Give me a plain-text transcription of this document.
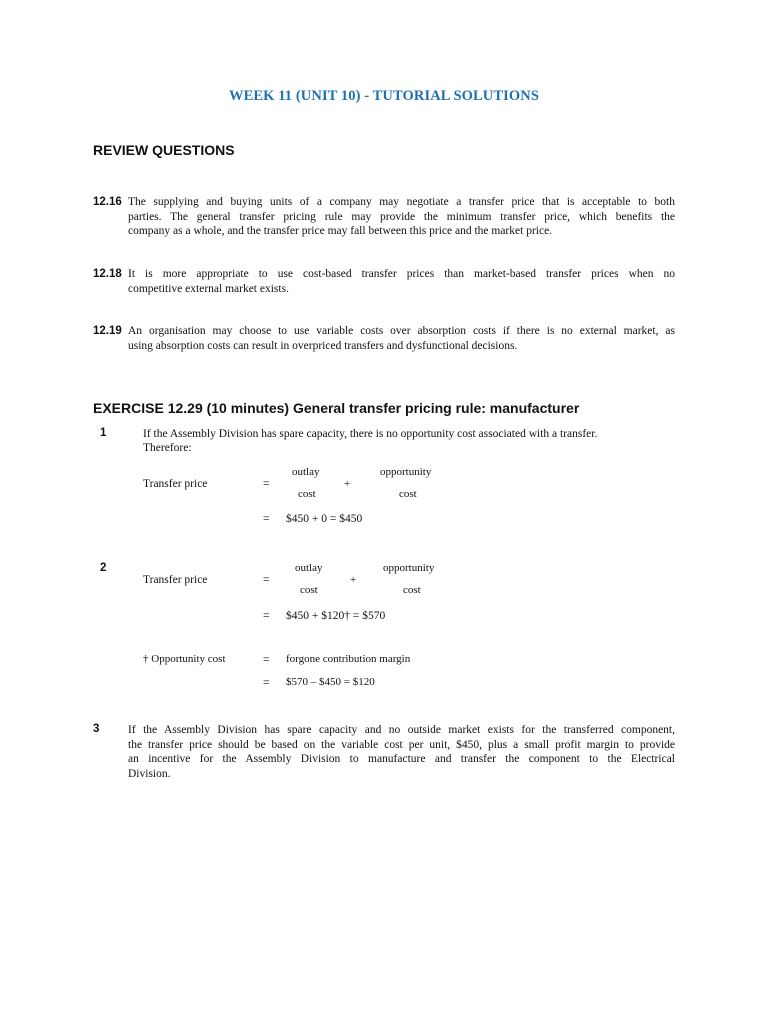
WEEK 11 (UNIT 10) - TUTORIAL SOLUTIONS
REVIEW QUESTIONS
12.16 The supplying and buying units of a company may negotiate a transfer price that is acceptable to both
parties. The general transfer pricing rule may provide the minimum transfer price, which benefits the
company as a whole, and the transfer price may fall between this price and the market price.
12.18 It is more appropriate to use cost-based transfer prices than market-based transfer prices when no
competitive external market exists.
12.19 An organisation may choose to use variable costs over absorption costs if there is no external market, as
using absorption costs can result in overpriced transfers and dysfunctional decisions.
EXERCISE 12.29 (10 minutes) General transfer pricing rule: manufacturer
1	If the Assembly Division has spare capacity, there is no opportunity cost associated with a transfer.
Therefore:
outlay	opportunity
Transfer price	=	+
cost	cost
= $450 + 0 = $450
2	outlay	opportunity
Transfer price	=	+
cost	cost
= $450 + $120† = $570
† Opportunity cost	= forgone contribution margin
= $570 – $450 = $120
3 If the Assembly Division has spare capacity and no outside market exists for the transferred component,
the transfer price should be based on the variable cost per unit, $450, plus a small profit margin to provide
an incentive for the Assembly Division to manufacture and transfer the component to the Electrical
Division.
